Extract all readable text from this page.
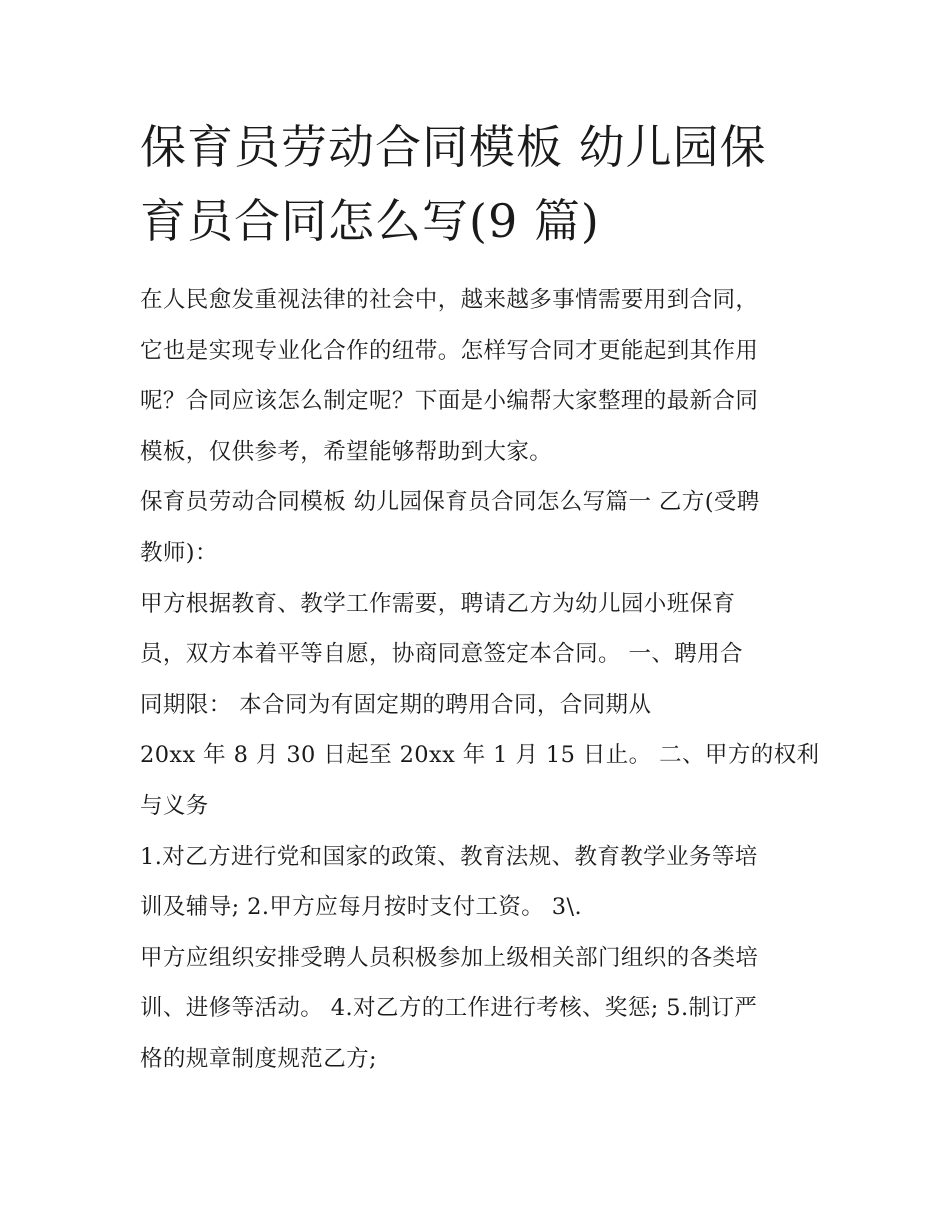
保育员劳动合同模板 幼儿园保
育员合同怎么写(9 篇)
在人民愈发重视法律的社会中，越来越多事情需要用到合同，
它也是实现专业化合作的纽带。怎样写合同才更能起到其作用
呢？合同应该怎么制定呢？下面是小编帮大家整理的最新合同
模板，仅供参考，希望能够帮助到大家。
保育员劳动合同模板 幼儿园保育员合同怎么写篇一 乙方(受聘
教师)：
甲方根据教育、教学工作需要，聘请乙方为幼儿园小班保育
员，双方本着平等自愿，协商同意签定本合同。 一、聘用合
同期限： 本合同为有固定期的聘用合同，合同期从
20xx 年 8 月 30 日起至 20xx 年 1 月 15 日止。 二、甲方的权利
与义务
1.对乙方进行党和国家的政策、教育法规、教育教学业务等培
训及辅导; 2.甲方应每月按时支付工资。 3\.
甲方应组织安排受聘人员积极参加上级相关部门组织的各类培
训、进修等活动。 4.对乙方的工作进行考核、奖惩; 5.制订严
格的规章制度规范乙方;
